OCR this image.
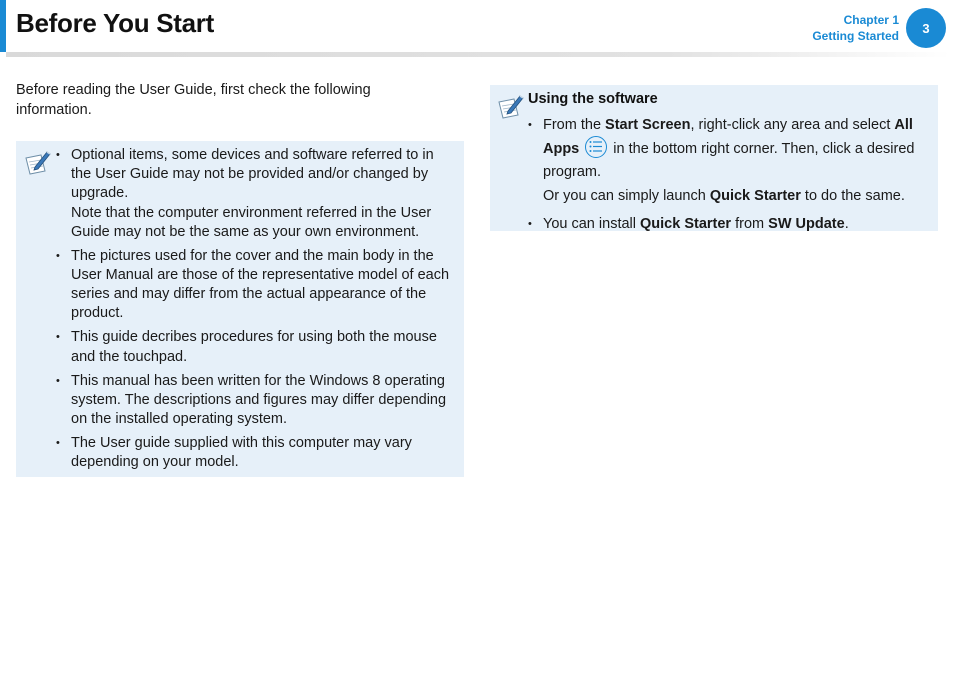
Before You Start	Chapter 1
Getting Started
3
Before reading the User Guide, first check the following information.
• Optional items, some devices and software referred to in the User Guide may not be provided and/or changed by upgrade.
Note that the computer environment referred in the User Guide may not be the same as your own environment.
• The pictures used for the cover and the main body in the User Manual are those of the representative model of each series and may differ from the actual appearance of the product.
• This guide decribes procedures for using both the mouse and the touchpad.
• This manual has been written for the Windows 8 operating system. The descriptions and figures may differ depending on the installed operating system.
• The User guide supplied with this computer may vary depending on your model.
Using the software
• From the Start Screen, right-click any area and select All Apps
in the bottom right corner. Then, click a desired program.
Or you can simply launch Quick Starter to do the same.
• You can install Quick Starter from SW Update.
